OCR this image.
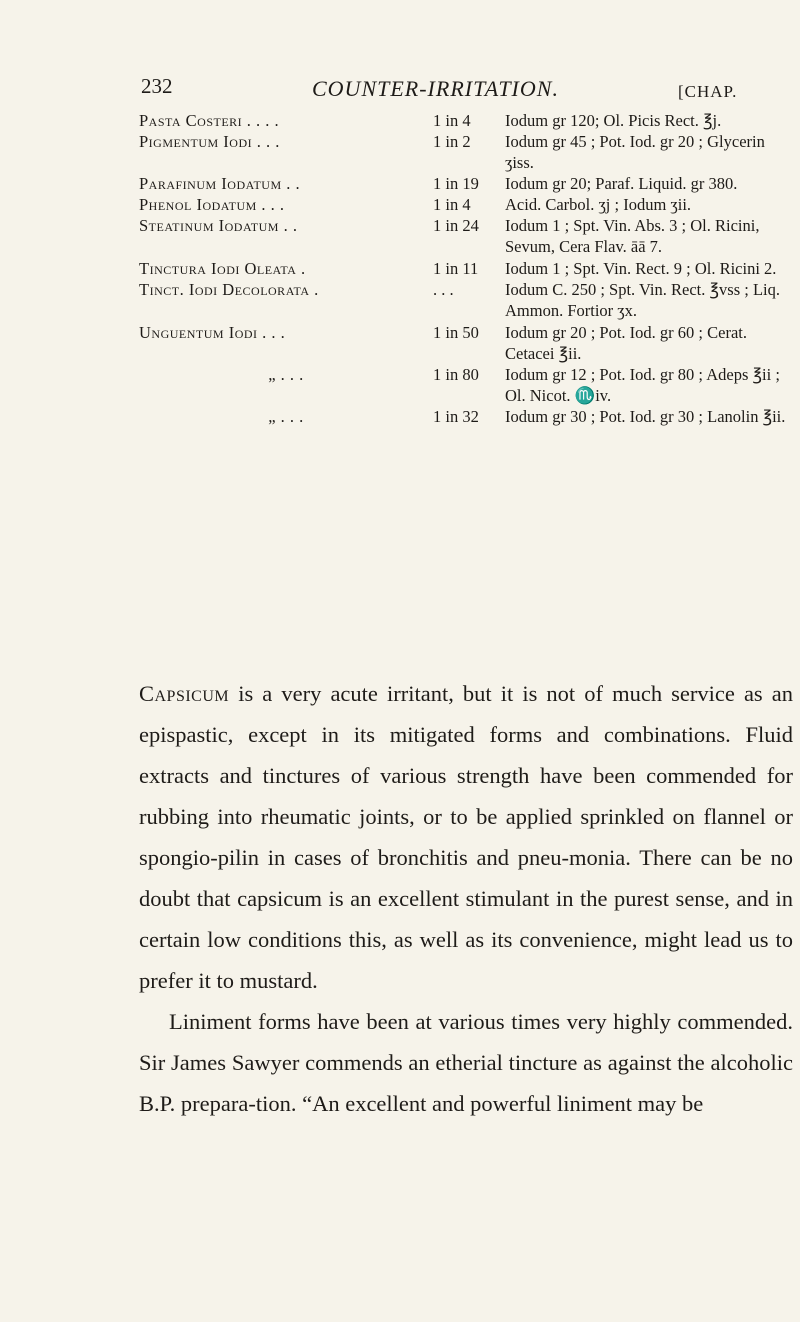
232	COUNTER-IRRITATION.	[CHAP.
Pasta Costeri . . . .	1 in 4	Iodum gr 120; Ol. Picis Rect. ℥j.
Pigmentum Iodi . . .	1 in 2	Iodum gr 45 ; Pot. Iod. gr 20 ; Glycerin ʒiss.
Parafinum Iodatum . .	1 in 19	Iodum gr 20; Paraf. Liquid. gr 380.
Phenol Iodatum . . .	1 in 4	Acid. Carbol. ʒj ; Iodum ʒii.
Steatinum Iodatum . .	1 in 24	Iodum 1 ; Spt. Vin. Abs. 3 ; Ol. Ricini, Sevum, Cera Flav. āā 7.
Tinctura Iodi Oleata .	1 in 11	Iodum 1 ; Spt. Vin. Rect. 9 ; Ol. Ricini 2.
Tinct. Iodi Decolorata .	. . .	Iodum C. 250 ; Spt. Vin. Rect. ℥vss ; Liq. Ammon. Fortior ʒx.
Unguentum Iodi . . .	1 in 50	Iodum gr 20 ; Pot. Iod. gr 60 ; Cerat. Cetacei ℥ii.
„ . . .	1 in 80	Iodum gr 12 ; Pot. Iod. gr 80 ; Adeps ℥ii ; Ol. Nicot. ♏iv.
„ . . .	1 in 32	Iodum gr 30 ; Pot. Iod. gr 30 ; Lanolin ℥ii.

Capsicum is a very acute irritant, but it is not of much service as an epispastic, except in its mitigated forms and combinations. Fluid extracts and tinctures of various strength have been commended for rubbing into rheumatic joints, or to be applied sprinkled on flannel or spongio-pilin in cases of bronchitis and pneu-monia. There can be no doubt that capsicum is an excellent stimulant in the purest sense, and in certain low conditions this, as well as its convenience, might lead us to prefer it to mustard.

Liniment forms have been at various times very highly commended. Sir James Sawyer commends an etherial tincture as against the alcoholic B.P. prepara-tion. “An excellent and powerful liniment may be
